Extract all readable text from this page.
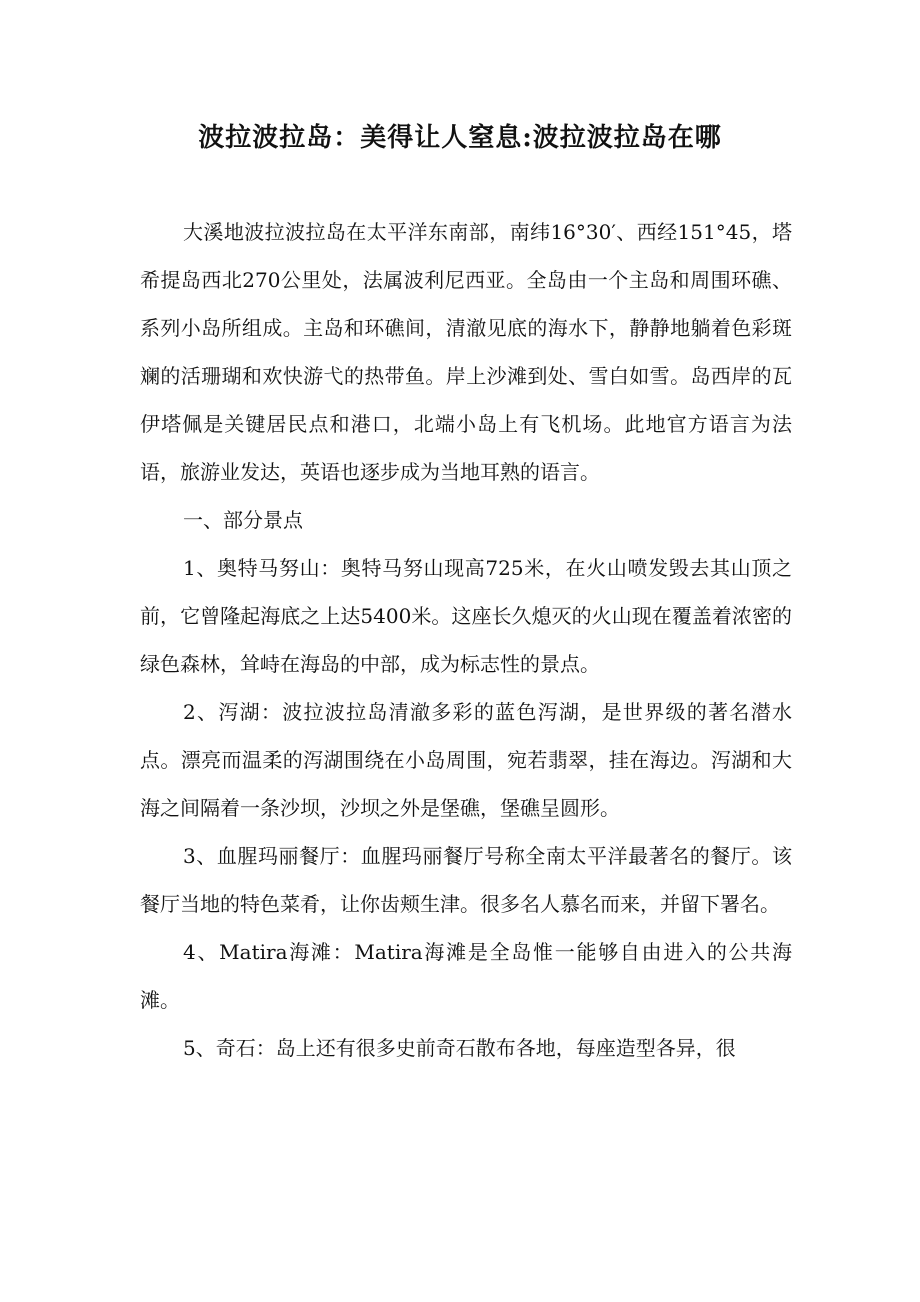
波拉波拉岛：美得让人窒息:波拉波拉岛在哪

大溪地波拉波拉岛在太平洋东南部，南纬16°30′、西经151°45，塔希提岛西北270公里处，法属波利尼西亚。全岛由一个主岛和周围环礁、系列小岛所组成。主岛和环礁间，清澈见底的海水下，静静地躺着色彩斑斓的活珊瑚和欢快游弋的热带鱼。岸上沙滩到处、雪白如雪。岛西岸的瓦伊塔佩是关键居民点和港口，北端小岛上有飞机场。此地官方语言为法语，旅游业发达，英语也逐步成为当地耳熟的语言。

一、部分景点

1、奥特马努山：奥特马努山现高725米，在火山喷发毁去其山顶之前，它曾隆起海底之上达5400米。这座长久熄灭的火山现在覆盖着浓密的绿色森林，耸峙在海岛的中部，成为标志性的景点。

2、泻湖：波拉波拉岛清澈多彩的蓝色泻湖，是世界级的著名潜水点。漂亮而温柔的泻湖围绕在小岛周围，宛若翡翠，挂在海边。泻湖和大海之间隔着一条沙坝，沙坝之外是堡礁，堡礁呈圆形。

3、血腥玛丽餐厅：血腥玛丽餐厅号称全南太平洋最著名的餐厅。该餐厅当地的特色菜肴，让你齿颊生津。很多名人慕名而来，并留下署名。

4、Matira海滩：Matira海滩是全岛惟一能够自由进入的公共海滩。

5、奇石：岛上还有很多史前奇石散布各地，每座造型各异，很
